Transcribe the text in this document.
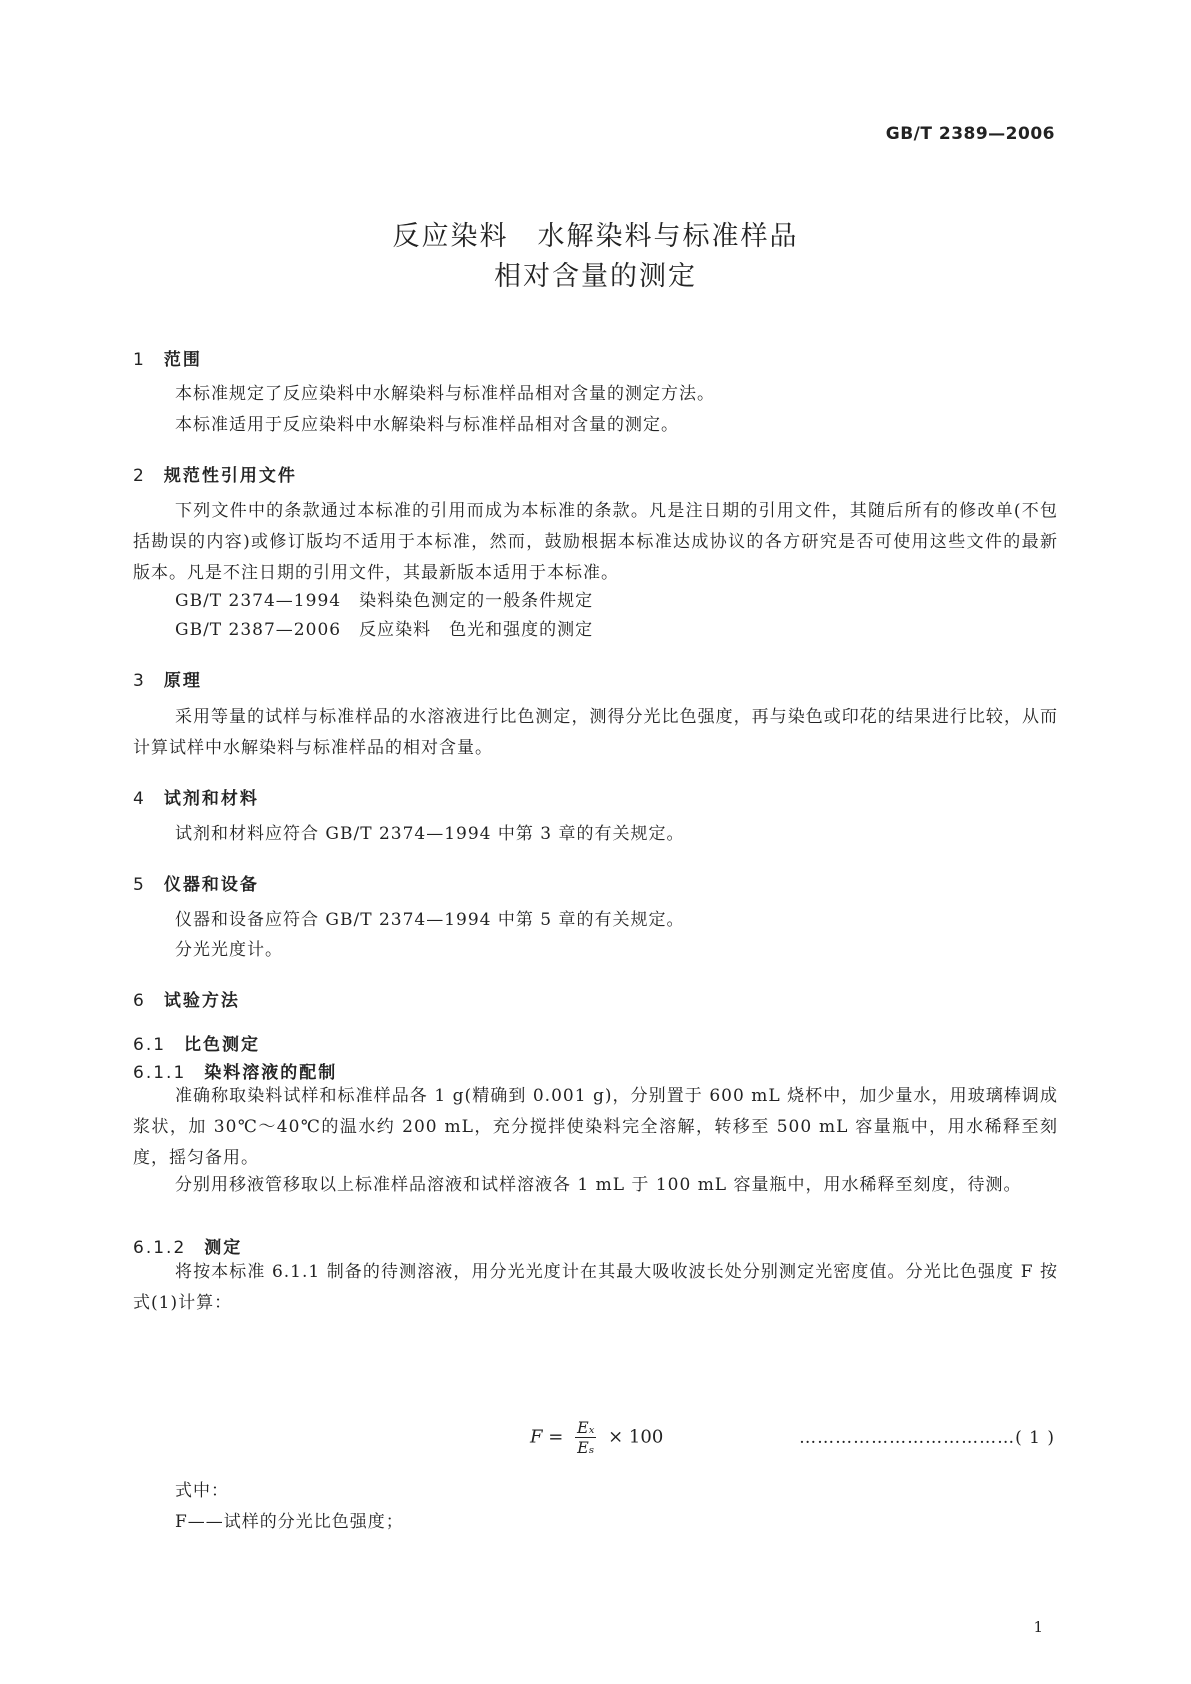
GB/T 2389—2006
反应染料　水解染料与标准样品
相对含量的测定
1 范围
本标准规定了反应染料中水解染料与标准样品相对含量的测定方法。
本标准适用于反应染料中水解染料与标准样品相对含量的测定。
2 规范性引用文件
下列文件中的条款通过本标准的引用而成为本标准的条款。凡是注日期的引用文件，其随后所有的修改单(不包括勘误的内容)或修订版均不适用于本标准，然而，鼓励根据本标准达成协议的各方研究是否可使用这些文件的最新版本。凡是不注日期的引用文件，其最新版本适用于本标准。
GB/T 2374—1994　染料染色测定的一般条件规定
GB/T 2387—2006　反应染料　色光和强度的测定
3 原理
采用等量的试样与标准样品的水溶液进行比色测定，测得分光比色强度，再与染色或印花的结果进行比较，从而计算试样中水解染料与标准样品的相对含量。
4 试剂和材料
试剂和材料应符合 GB/T 2374—1994 中第 3 章的有关规定。
5 仪器和设备
仪器和设备应符合 GB/T 2374—1994 中第 5 章的有关规定。
分光光度计。
6 试验方法
6.1 比色测定
6.1.1 染料溶液的配制
准确称取染料试样和标准样品各 1 g(精确到 0.001 g)，分别置于 600 mL 烧杯中，加少量水，用玻璃棒调成浆状，加 30℃～40℃的温水约 200 mL，充分搅拌使染料完全溶解，转移至 500 mL 容量瓶中，用水稀释至刻度，摇匀备用。
分别用移液管移取以上标准样品溶液和试样溶液各 1 mL 于 100 mL 容量瓶中，用水稀释至刻度，待测。
6.1.2 测定
将按本标准 6.1.1 制备的待测溶液，用分光光度计在其最大吸收波长处分别测定光密度值。分光比色强度 F 按式(1)计算：
$F = \frac{\text{Eₓ}}{\text{Eₛ}} \times 100$	………………………………( 1 )
式中：
F——试样的分光比色强度；
1
